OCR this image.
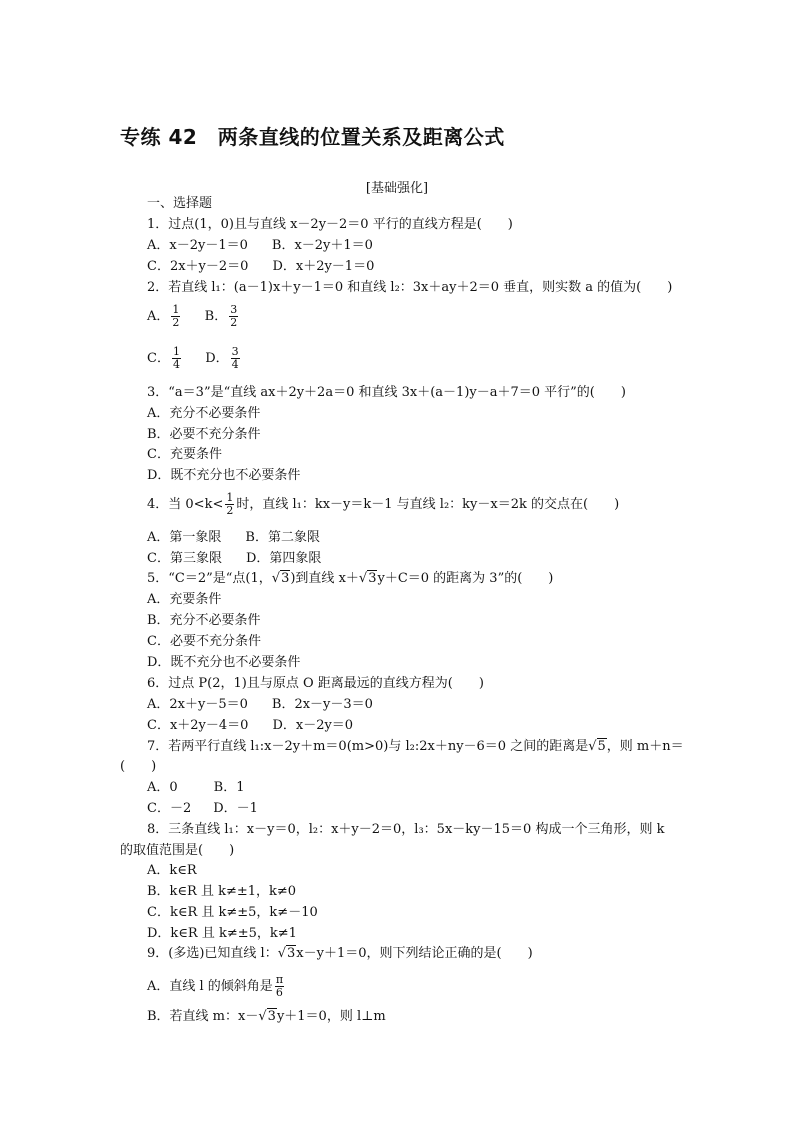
专练 42　两条直线的位置关系及距离公式
[基础强化]
一、选择题
1．过点(1，0)且与直线 x－2y－2＝0 平行的直线方程是(　　)
A．x－2y－1＝0 B．x－2y＋1＝0
C．2x＋y－2＝0 D．x＋2y－1＝0
2．若直线 l₁：(a－1)x＋y－1＝0 和直线 l₂：3x＋ay＋2＝0 垂直，则实数 a 的值为(　　)
A． $\frac{1}{2}$ B． $\frac{3}{2}$
C． $\frac{1}{4}$ D． $\frac{3}{4}$
3．“a＝3”是“直线 ax＋2y＋2a＝0 和直线 3x＋(a－1)y－a＋7＝0 平行”的(　　)
A．充分不必要条件
B．必要不充分条件
C．充要条件
D．既不充分也不必要条件
4．当 $0<k< \frac{1}{2}$ 时，直线 l₁：kx－y＝k－1 与直线 l₂：ky－x＝2k 的交点在(　　)
A．第一象限 B．第二象限
C．第三象限 D．第四象限
5．“C＝2”是“点(1，√3)到直线 x＋√3y＋C＝0 的距离为 3”的(　　)
A．充要条件
B．充分不必要条件
C．必要不充分条件
D．既不充分也不必要条件
6．过点 P(2，1)且与原点 O 距离最远的直线方程为(　　)
A．2x＋y－5＝0 B．2x－y－3＝0
C．x＋2y－4＝0 D．x－2y＝0
7．若两平行直线 l₁:x－2y＋m＝0(m>0)与 l₂:2x＋ny－6＝0 之间的距离是√5，则 m＋n＝
(　　)
A．0	B．1
C．－2 D．－1
8．三条直线 l₁：x－y＝0，l₂：x＋y－2＝0，l₃：5x－ky－15＝0 构成一个三角形，则 k
的取值范围是(　　)
A．k∈R
B．k∈R 且 k≠±1，k≠0
C．k∈R 且 k≠±5，k≠－10
D．k∈R 且 k≠±5，k≠1
9．(多选)已知直线 l：√3x－y＋1＝0，则下列结论正确的是(　　)
A．直线 l 的倾斜角是 $\frac{\pi}{6}$
B．若直线 m：x－√3y＋1＝0，则 l⊥m
